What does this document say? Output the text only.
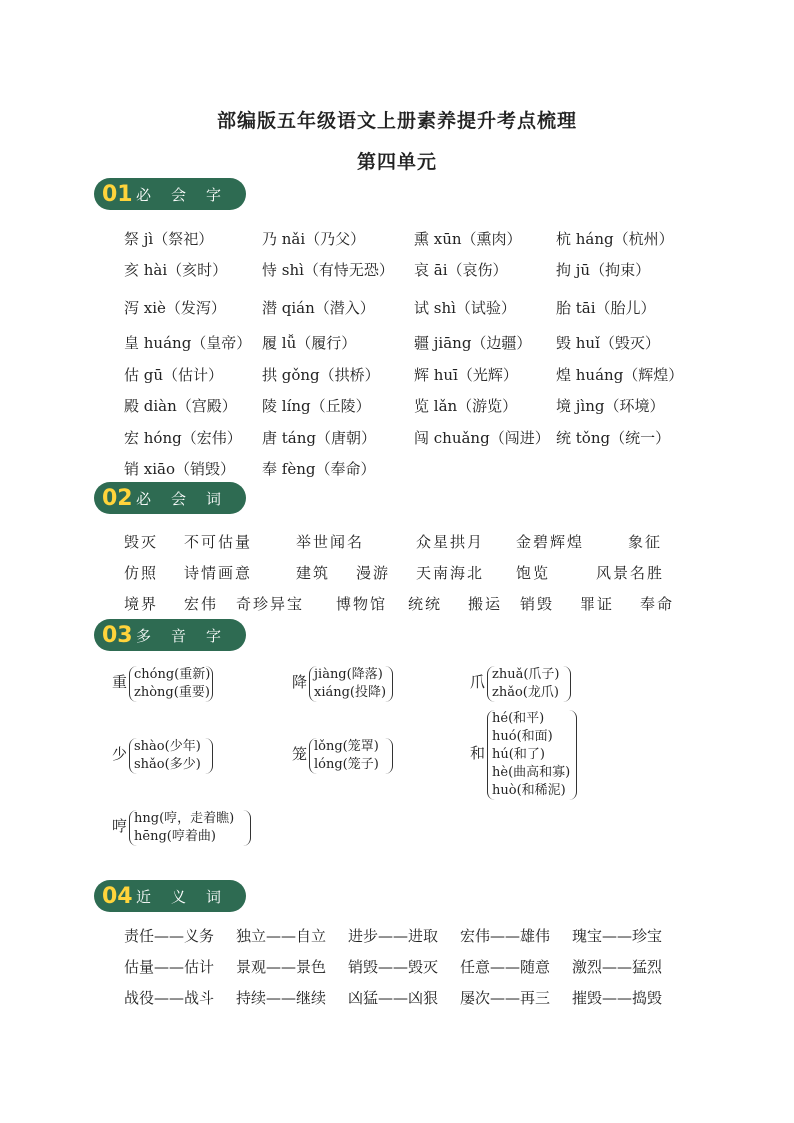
部编版五年级语文上册素养提升考点梳理
第四单元
01 必会字
祭 jì（祭祀）	乃 nǎi（乃父）	熏 xūn（熏肉） 杭 háng（杭州）
亥 hài（亥时） 恃 shì（有恃无恐） 哀 āi（哀伤）	拘 jū（拘束）
泻 xiè（发泻） 潜 qián（潜入）	试 shì（试验）	胎 tāi（胎儿）
皇 huáng（皇帝） 履 lǚ（履行）	疆 jiāng（边疆） 毁 huǐ（毁灭）
估 gū（估计）	拱 gǒng（拱桥） 辉 huī（光辉）	煌 huáng（辉煌）
殿 diàn（宫殿） 陵 líng（丘陵）	览 lǎn（游览）	境 jìng（环境）
宏 hóng（宏伟） 唐 táng（唐朝）	闯 chuǎng（闯进） 统 tǒng（统一）
销 xiāo（销毁） 奉 fèng（奉命）
02 必会词
毁灭 不可估量	举世闻名	众星拱月 金碧辉煌	象征
仿照 诗情画意	建筑 漫游 天南海北 饱览	风景名胜
境界 宏伟 奇珍异宝 博物馆 统统 搬运 销毁 罪证 奉命
03 多音字
重 chóng(重新)
zhòng(重要)
降 jiàng(降落)
xiáng(投降)
爪 zhuǎ(爪子)
zhǎo(龙爪)
少 shào(少年)
shǎo(多少)
笼 lǒng(笼罩)
lóng(笼子)
和
hé(和平)
huó(和面)
hú(和了)
hè(曲高和寡)
huò(和稀泥)
哼 hng(哼，走着瞧)
hēng(哼着曲)
04 近义词
责任——义务 独立——自立 进步——进取 宏伟——雄伟 瑰宝——珍宝
估量——估计 景观——景色 销毁——毁灭 任意——随意 激烈——猛烈
战役——战斗 持续——继续 凶猛——凶狠 屡次——再三 摧毁——捣毁
